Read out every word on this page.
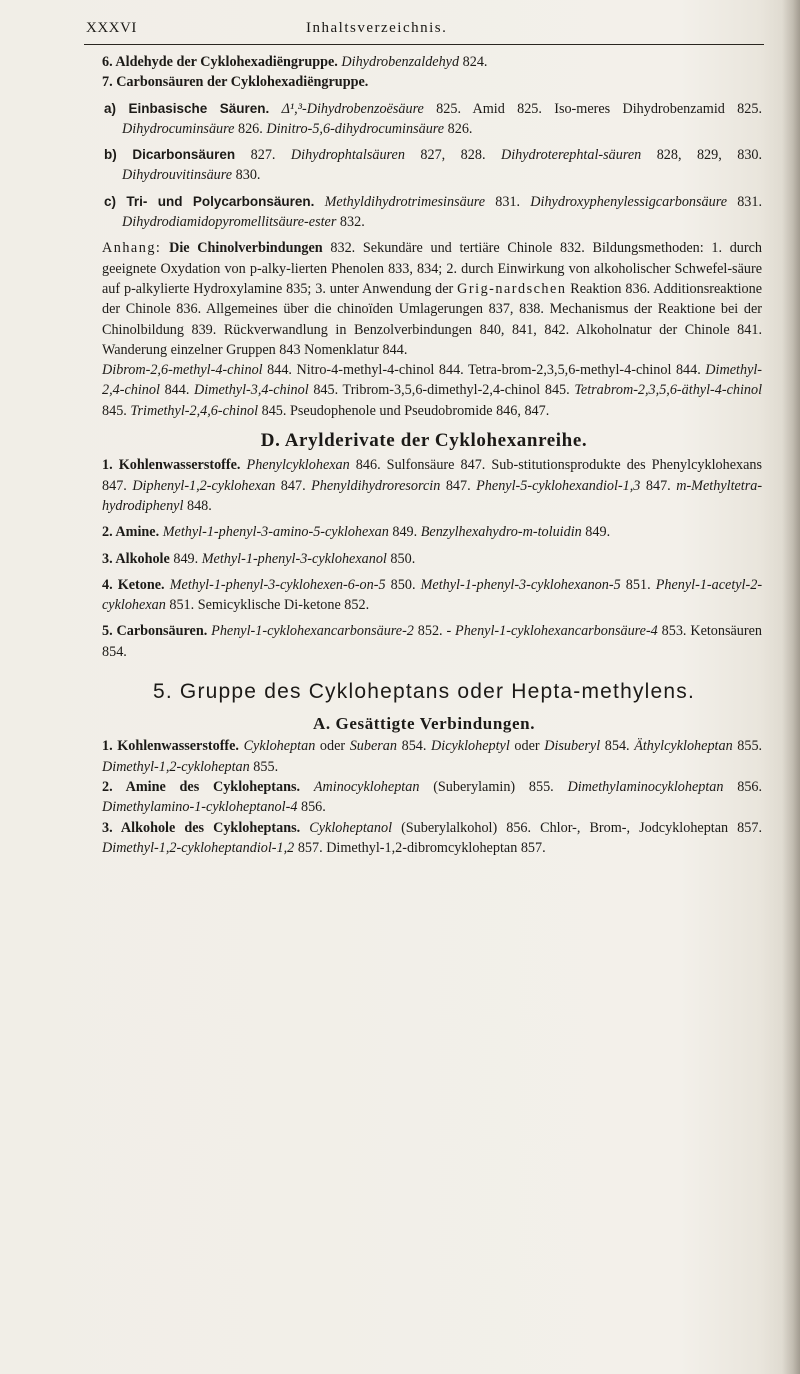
XXXVI	Inhaltsverzeichnis.

6. Aldehyde der Cyklohexadiëngruppe. Dihydrobenzaldehyd 824.

7. Carbonsäuren der Cyklohexadiëngruppe.

a) Einbasische Säuren. Δ¹,³-Dihydrobenzoësäure 825. Amid 825. Iso-meres Dihydrobenzamid 825. Dihydrocuminsäure 826. Dinitro-5,6-dihydrocuminsäure 826.

b) Dicarbonsäuren 827. Dihydrophtalsäuren 827, 828. Dihydroterephtal-säuren 828, 829, 830. Dihydrouvitinsäure 830.

c) Tri- und Polycarbonsäuren. Methyldihydrotrimesinsäure 831. Dihydroxyphenylessigcarbonsäure 831. Dihydrodiamidopyromellitsäure-ester 832.

Anhang: Die Chinolverbindungen 832. Sekundäre und tertiäre Chinole 832. Bildungsmethoden: 1. durch geeignete Oxydation von p-alky-lierten Phenolen 833, 834; 2. durch Einwirkung von alkoholischer Schwefel-säure auf p-alkylierte Hydroxylamine 835; 3. unter Anwendung der Grig-nardschen Reaktion 836. Additionsreaktione der Chinole 836. Allgemeines über die chinoïden Umlagerungen 837, 838. Mechanismus der Reaktione bei der Chinolbildung 839. Rückverwandlung in Benzolverbindungen 840, 841, 842. Alkoholnatur der Chinole 841. Wanderung einzelner Gruppen 843 Nomenklatur 844.

Dibrom-2,6-methyl-4-chinol 844. Nitro-4-methyl-4-chinol 844. Tetra-brom-2,3,5,6-methyl-4-chinol 844. Dimethyl-2,4-chinol 844. Dimethyl-3,4-chinol 845. Tribrom-3,5,6-dimethyl-2,4-chinol 845. Tetrabrom-2,3,5,6-äthyl-4-chinol 845. Trimethyl-2,4,6-chinol 845. Pseudophenole und Pseudobromide 846, 847.

D. Arylderivate der Cyklohexanreihe.

1. Kohlenwasserstoffe. Phenylcyklohexan 846. Sulfonsäure 847. Sub-stitutionsprodukte des Phenylcyklohexans 847. Diphenyl-1,2-cyklohexan 847. Phenyldihydroresorcin 847. Phenyl-5-cyklohexandiol-1,3 847. m-Methyltetra-hydrodiphenyl 848.

2. Amine. Methyl-1-phenyl-3-amino-5-cyklohexan 849. Benzylhexahydro-m-toluidin 849.

3. Alkohole 849. Methyl-1-phenyl-3-cyklohexanol 850.

4. Ketone. Methyl-1-phenyl-3-cyklohexen-6-on-5 850. Methyl-1-phenyl-3-cyklohexanon-5 851. Phenyl-1-acetyl-2-cyklohexan 851. Semicyklische Di-ketone 852.

5. Carbonsäuren. Phenyl-1-cyklohexancarbonsäure-2 852. - Phenyl-1-cyklohexancarbonsäure-4 853. Ketonsäuren 854.

5. Gruppe des Cykloheptans oder Hepta-methylens.

A. Gesättigte Verbindungen.

1. Kohlenwasserstoffe. Cykloheptan oder Suberan 854. Dicykloheptyl oder Disuberyl 854. Äthylcykloheptan 855. Dimethyl-1,2-cykloheptan 855.

2. Amine des Cykloheptans. Aminocykloheptan (Suberylamin) 855. Dimethylaminocykloheptan 856. Dimethylamino-1-cykloheptanol-4 856.

3. Alkohole des Cykloheptans. Cykloheptanol (Suberylalkohol) 856. Chlor-, Brom-, Jodcykloheptan 857. Dimethyl-1,2-cykloheptandiol-1,2 857. Dimethyl-1,2-dibromcykloheptan 857.
